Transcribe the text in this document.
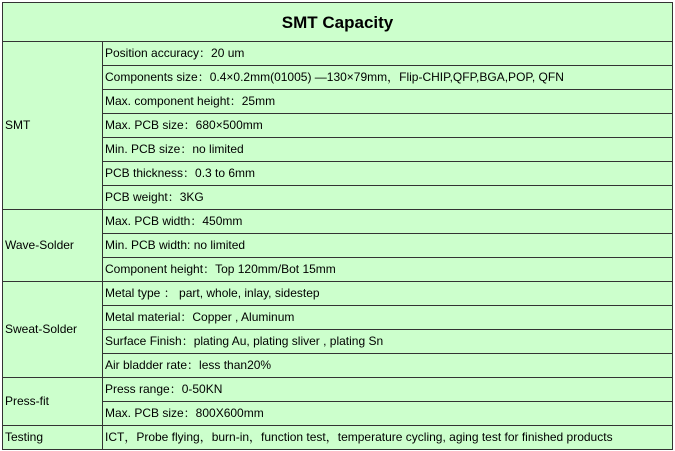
SMT Capacity	
SMT	Position accuracy：20 um
	Components size：0.4×0.2mm(01005) —130×79mm，Flip-CHIP,QFP,BGA,POP, QFN
	Max. component height：25mm
	Max. PCB size：680×500mm
	Min. PCB size：no limited
	PCB thickness：0.3 to 6mm
	PCB weight：3KG
Wave-Solder	Max. PCB width：450mm
	Min. PCB width: no limited
	Component height：Top 120mm/Bot 15mm
Sweat-Solder	Metal type ： part, whole, inlay, sidestep
	Metal material：Copper , Aluminum
	Surface Finish：plating Au, plating sliver , plating Sn
	Air bladder rate：less than20%
Press-fit	Press range：0-50KN
	Max. PCB size：800X600mm
Testing	ICT，Probe flying，burn-in，function test，temperature cycling, aging test for finished products
